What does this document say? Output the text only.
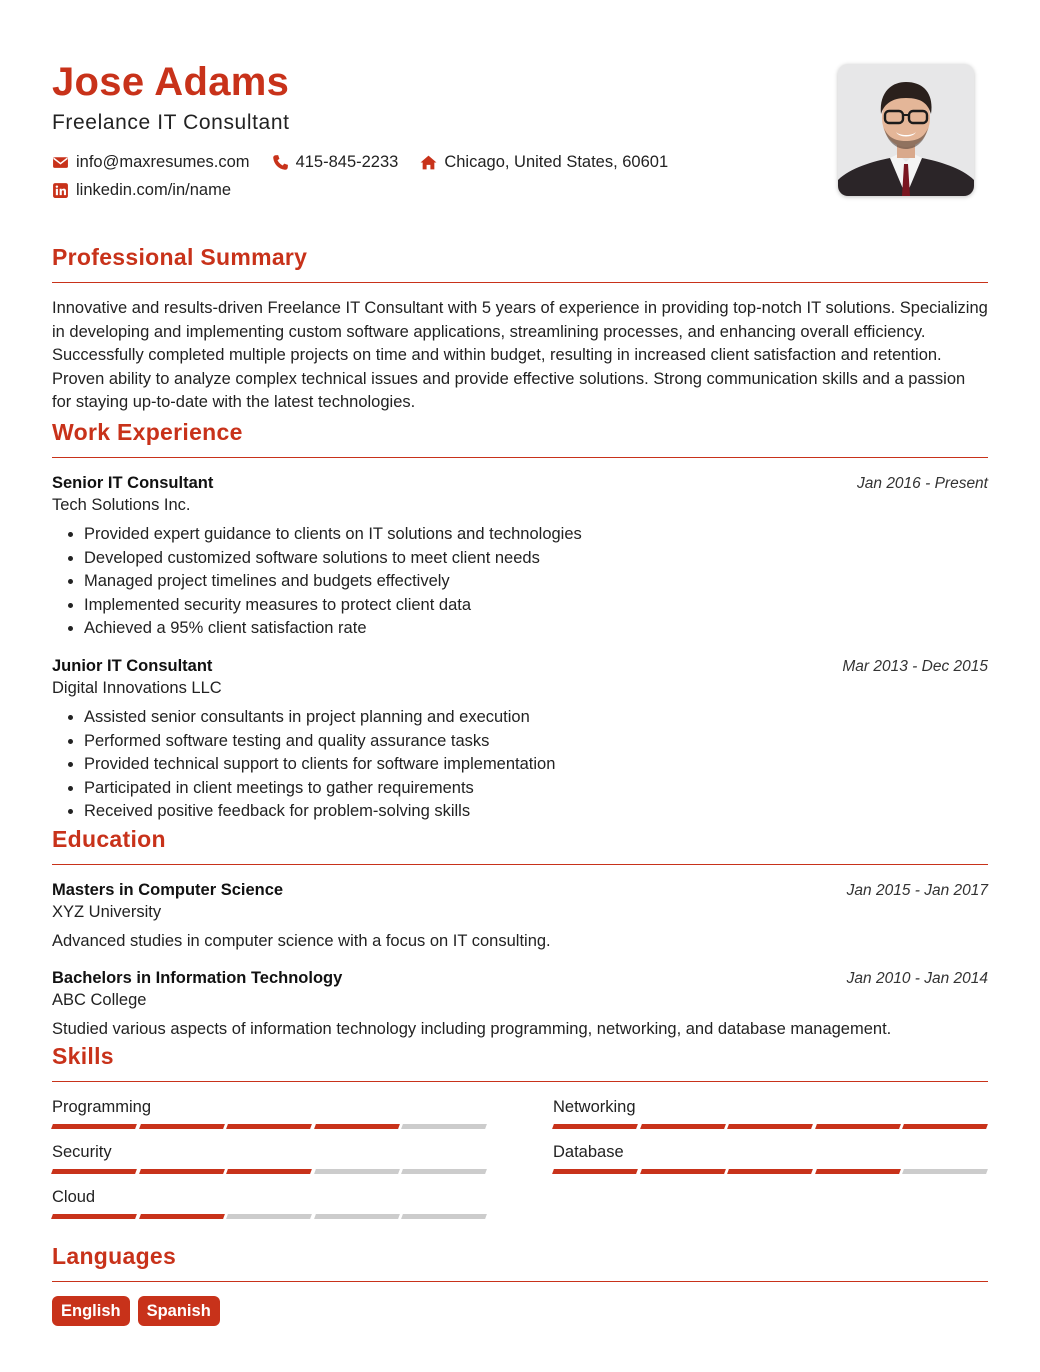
Jose Adams
Freelance IT Consultant
info@maxresumes.com	415-845-2233	Chicago, United States, 60601
linkedin.com/in/name
Professional Summary

Innovative and results-driven Freelance IT Consultant with 5 years of experience in providing top-notch IT solutions. Specializing in developing and implementing custom software applications, streamlining processes, and enhancing overall efficiency. Successfully completed multiple projects on time and within budget, resulting in increased client satisfaction and retention. Proven ability to analyze complex technical issues and provide effective solutions. Strong communication skills and a passion for staying up-to-date with the latest technologies.

Work Experience
Senior IT Consultant	Jan 2016 - Present
Tech Solutions Inc.
• Provided expert guidance to clients on IT solutions and technologies
• Developed customized software solutions to meet client needs
• Managed project timelines and budgets effectively
• Implemented security measures to protect client data
• Achieved a 95% client satisfaction rate
Junior IT Consultant	Mar 2013 - Dec 2015
Digital Innovations LLC
• Assisted senior consultants in project planning and execution
• Performed software testing and quality assurance tasks
• Provided technical support to clients for software implementation
• Participated in client meetings to gather requirements
• Received positive feedback for problem-solving skills
Education
Masters in Computer Science	Jan 2015 - Jan 2017
XYZ University
Advanced studies in computer science with a focus on IT consulting.
Bachelors in Information Technology	Jan 2010 - Jan 2014
ABC College
Studied various aspects of information technology including programming, networking, and database management.
Skills
Programming	Networking
Security	Database
Cloud
Languages
English	Spanish
